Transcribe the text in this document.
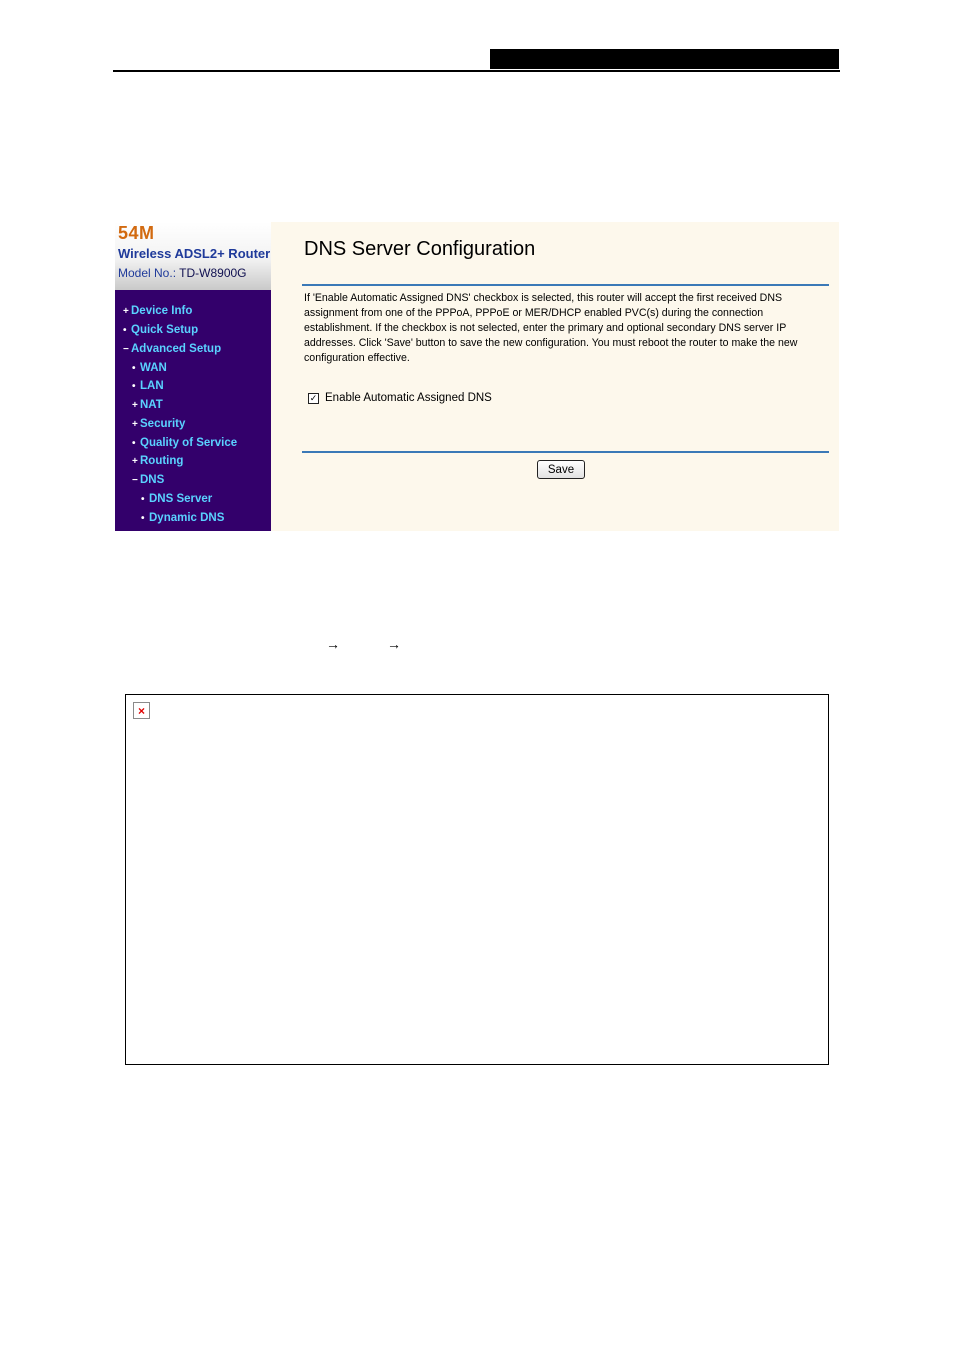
54M
Wireless ADSL2+ Router
Model No.: TD-W8900G
+ Device Info
• Quick Setup
− Advanced Setup
• WAN
• LAN
+ NAT
+ Security
• Quality of Service
+ Routing
− DNS
• DNS Server
• Dynamic DNS
DNS Server Configuration
If 'Enable Automatic Assigned DNS' checkbox is selected, this router will accept the first received DNS assignment from one of the PPPoA, PPPoE or MER/DHCP enabled PVC(s) during the connection establishment. If the checkbox is not selected, enter the primary and optional secondary DNS server IP addresses. Click 'Save' button to save the new configuration. You must reboot the router to make the new configuration effective.
✓ Enable Automatic Assigned DNS
Save
→	→
×
